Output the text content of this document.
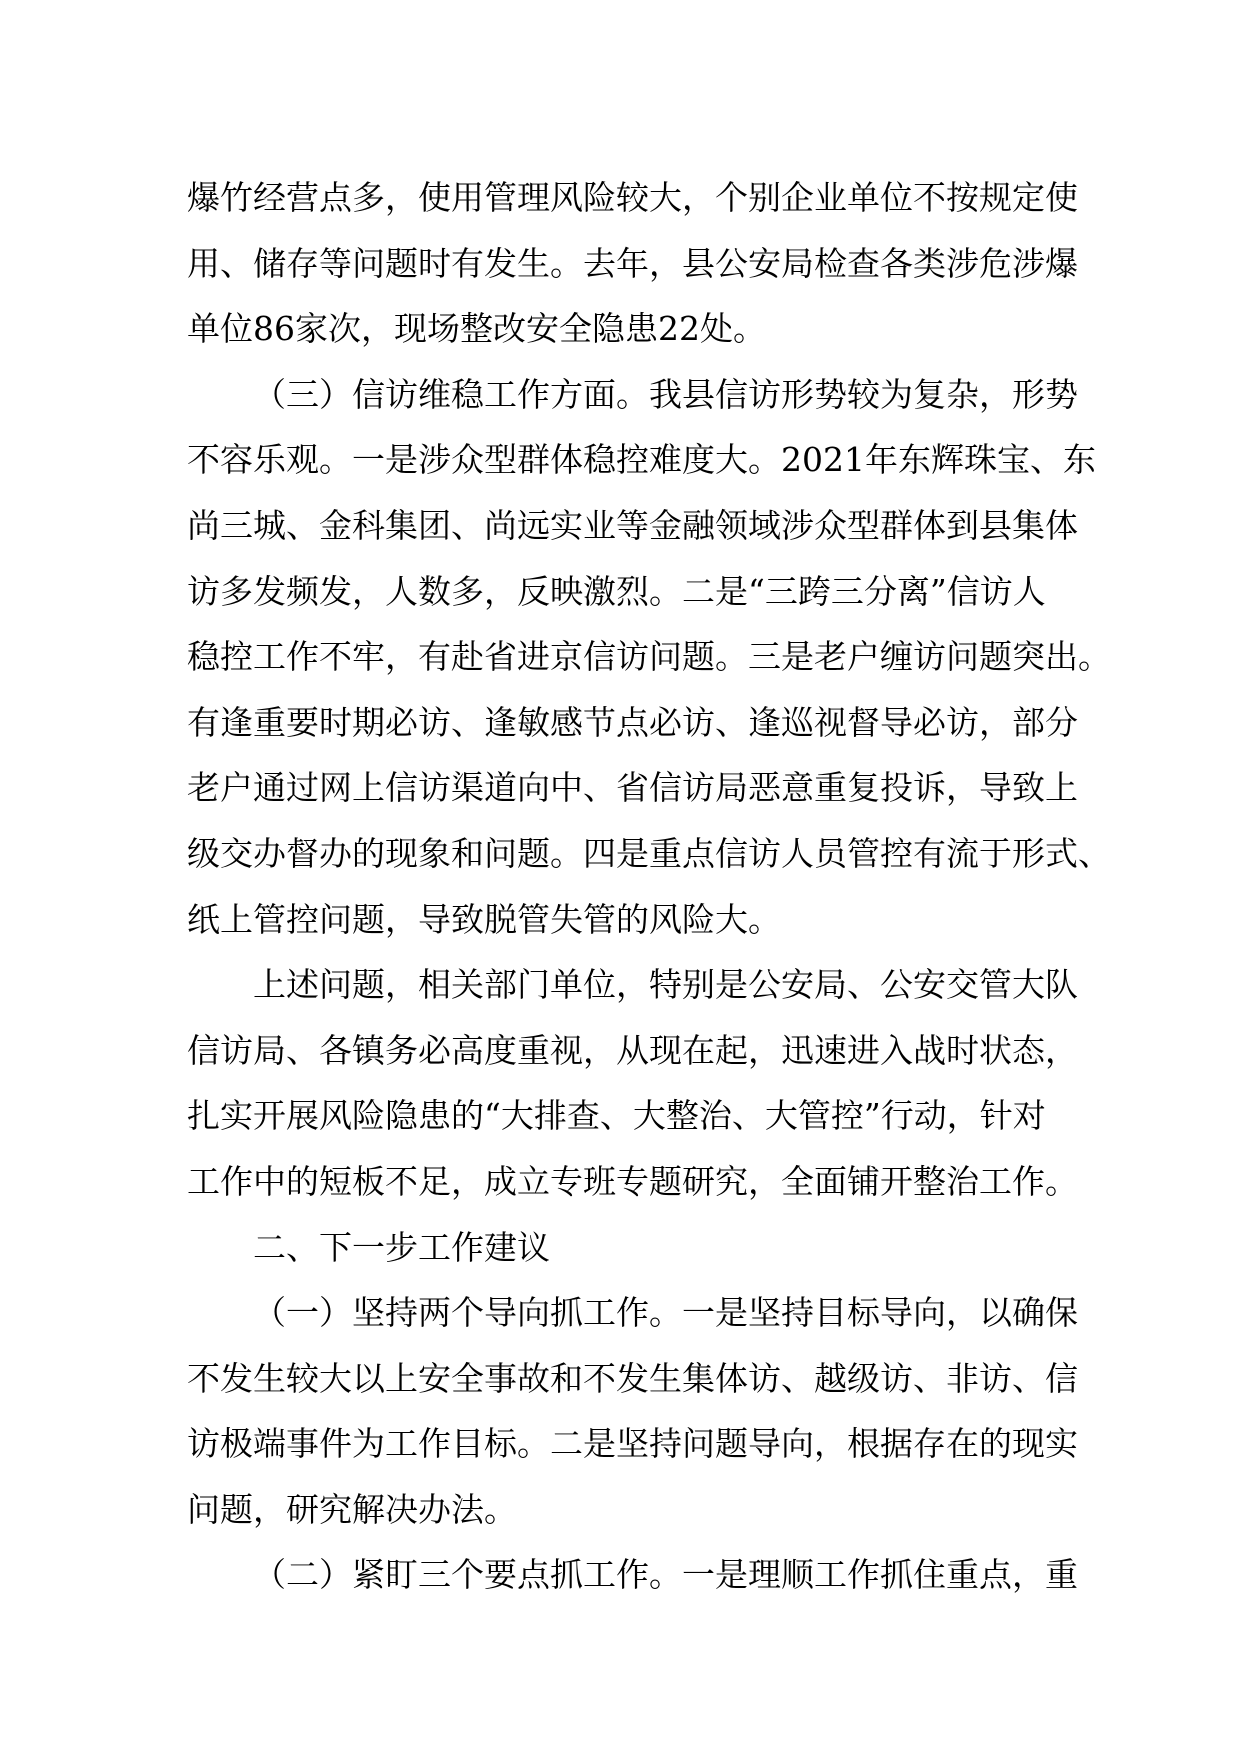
爆竹经营点多，使用管理风险较大，个别企业单位不按规定使
用、储存等问题时有发生。去年，县公安局检查各类涉危涉爆
单位86家次，现场整改安全隐患22处。
（三）信访维稳工作方面。我县信访形势较为复杂，形势
不容乐观。一是涉众型群体稳控难度大。2021年东辉珠宝、东
尚三城、金科集团、尚远实业等金融领域涉众型群体到县集体
访多发频发，人数多，反映激烈。二是“三跨三分离”信访人
稳控工作不牢，有赴省进京信访问题。三是老户缠访问题突出。
有逢重要时期必访、逢敏感节点必访、逢巡视督导必访，部分
老户通过网上信访渠道向中、省信访局恶意重复投诉，导致上
级交办督办的现象和问题。四是重点信访人员管控有流于形式、
纸上管控问题，导致脱管失管的风险大。
上述问题，相关部门单位，特别是公安局、公安交管大队
信访局、各镇务必高度重视，从现在起，迅速进入战时状态，
扎实开展风险隐患的“大排查、大整治、大管控”行动，针对
工作中的短板不足，成立专班专题研究，全面铺开整治工作。
二、下一步工作建议
（一）坚持两个导向抓工作。一是坚持目标导向，以确保
不发生较大以上安全事故和不发生集体访、越级访、非访、信
访极端事件为工作目标。二是坚持问题导向，根据存在的现实
问题，研究解决办法。
（二）紧盯三个要点抓工作。一是理顺工作抓住重点，重
